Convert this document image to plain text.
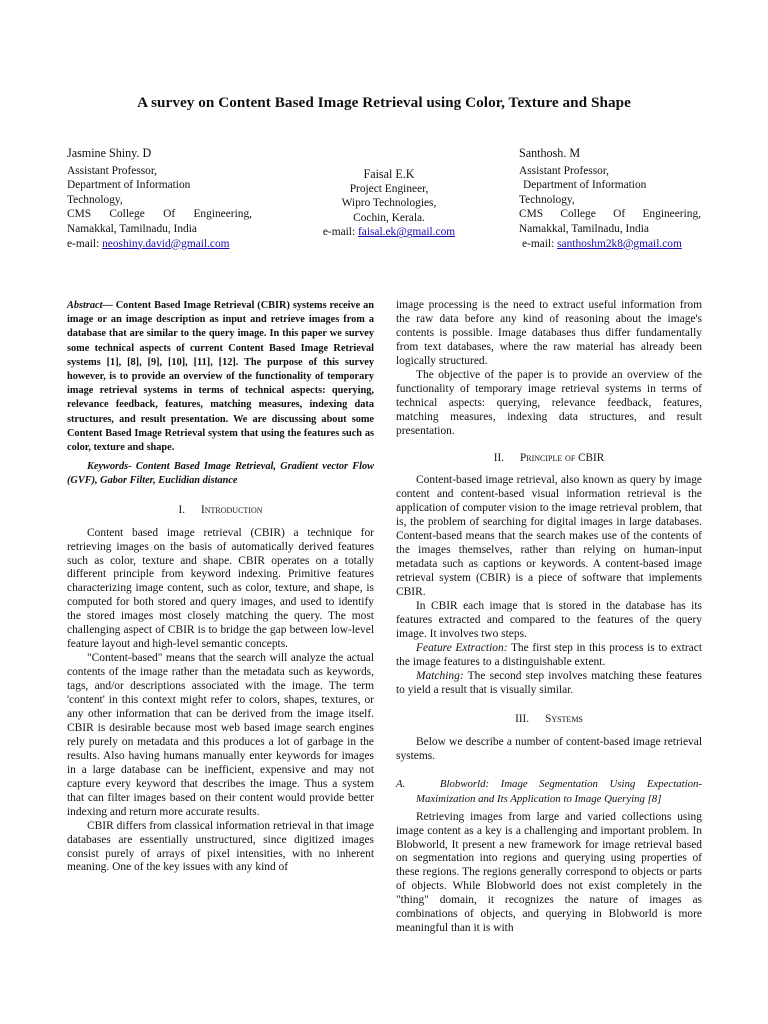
A survey on Content Based Image Retrieval using Color, Texture and Shape
Jasmine Shiny. D
Assistant Professor,
Department of Information
Technology,
CMS College Of Engineering,
Namakkal, Tamilnadu, India
e-mail: neoshiny.david@gmail.com
Faisal E.K
Project Engineer,
Wipro Technologies,
Cochin, Kerala.
e-mail: faisal.ek@gmail.com
Santhosh. M
Assistant Professor,
Department of Information
Technology,
CMS College Of Engineering,
Namakkal, Tamilnadu, India
e-mail: santhoshm2k8@gmail.com
Abstract— Content Based Image Retrieval (CBIR) systems receive an image or an image description as input and retrieve images from a database that are similar to the query image. In this paper we survey some technical aspects of current Content Based Image Retrieval systems [1], [8], [9], [10], [11], [12]. The purpose of this survey however, is to provide an overview of the functionality of temporary image retrieval systems in terms of technical aspects: querying, relevance feedback, features, matching measures, indexing data structures, and result presentation. We are discussing about some Content Based Image Retrieval system that using the features such as color, texture and shape.
Keywords- Content Based Image Retrieval, Gradient vector Flow (GVF), Gabor Filter, Euclidian distance
I. Introduction

Content based image retrieval (CBIR) a technique for retrieving images on the basis of automatically derived features such as color, texture and shape. CBIR operates on a totally different principle from keyword indexing. Primitive features characterizing image content, such as color, texture, and shape, is computed for both stored and query images, and used to identify the stored images most closely matching the query. The most challenging aspect of CBIR is to bridge the gap between low-level feature layout and high-level semantic concepts.

"Content-based" means that the search will analyze the actual contents of the image rather than the metadata such as keywords, tags, and/or descriptions associated with the image. The term 'content' in this context might refer to colors, shapes, textures, or any other information that can be derived from the image itself. CBIR is desirable because most web based image search engines rely purely on metadata and this produces a lot of garbage in the results. Also having humans manually enter keywords for images in a large database can be inefficient, expensive and may not capture every keyword that describes the image. Thus a system that can filter images based on their content would provide better indexing and return more accurate results.

CBIR differs from classical information retrieval in that image databases are essentially unstructured, since digitized images consist purely of arrays of pixel intensities, with no inherent meaning. One of the key issues with any kind of

image processing is the need to extract useful information from the raw data before any kind of reasoning about the image's contents is possible. Image databases thus differ fundamentally from text databases, where the raw material has already been logically structured.

The objective of the paper is to provide an overview of the functionality of temporary image retrieval systems in terms of technical aspects: querying, relevance feedback, features, matching measures, indexing data structures, and result presentation.

II. Principle of CBIR

Content-based image retrieval, also known as query by image content and content-based visual information retrieval is the application of computer vision to the image retrieval problem, that is, the problem of searching for digital images in large databases. Content-based means that the search makes use of the contents of the images themselves, rather than relying on human-input metadata such as captions or keywords. A content-based image retrieval system (CBIR) is a piece of software that implements CBIR.

In CBIR each image that is stored in the database has its features extracted and compared to the features of the query image. It involves two steps.

Feature Extraction: The first step in this process is to extract the image features to a distinguishable extent.

Matching: The second step involves matching these features to yield a result that is visually similar.

III. Systems

Below we describe a number of content-based image retrieval systems.

A.	Blobworld: Image Segmentation Using Expectation-
Maximization and Its Application to Image Querying [8]

Retrieving images from large and varied collections using image content as a key is a challenging and important problem. In Blobworld, It present a new framework for image retrieval based on segmentation into regions and querying using properties of these regions. The regions generally correspond to objects or parts of objects. While Blobworld does not exist completely in the "thing" domain, it recognizes the nature of images as combinations of objects, and querying in Blobworld is more meaningful than it is with
